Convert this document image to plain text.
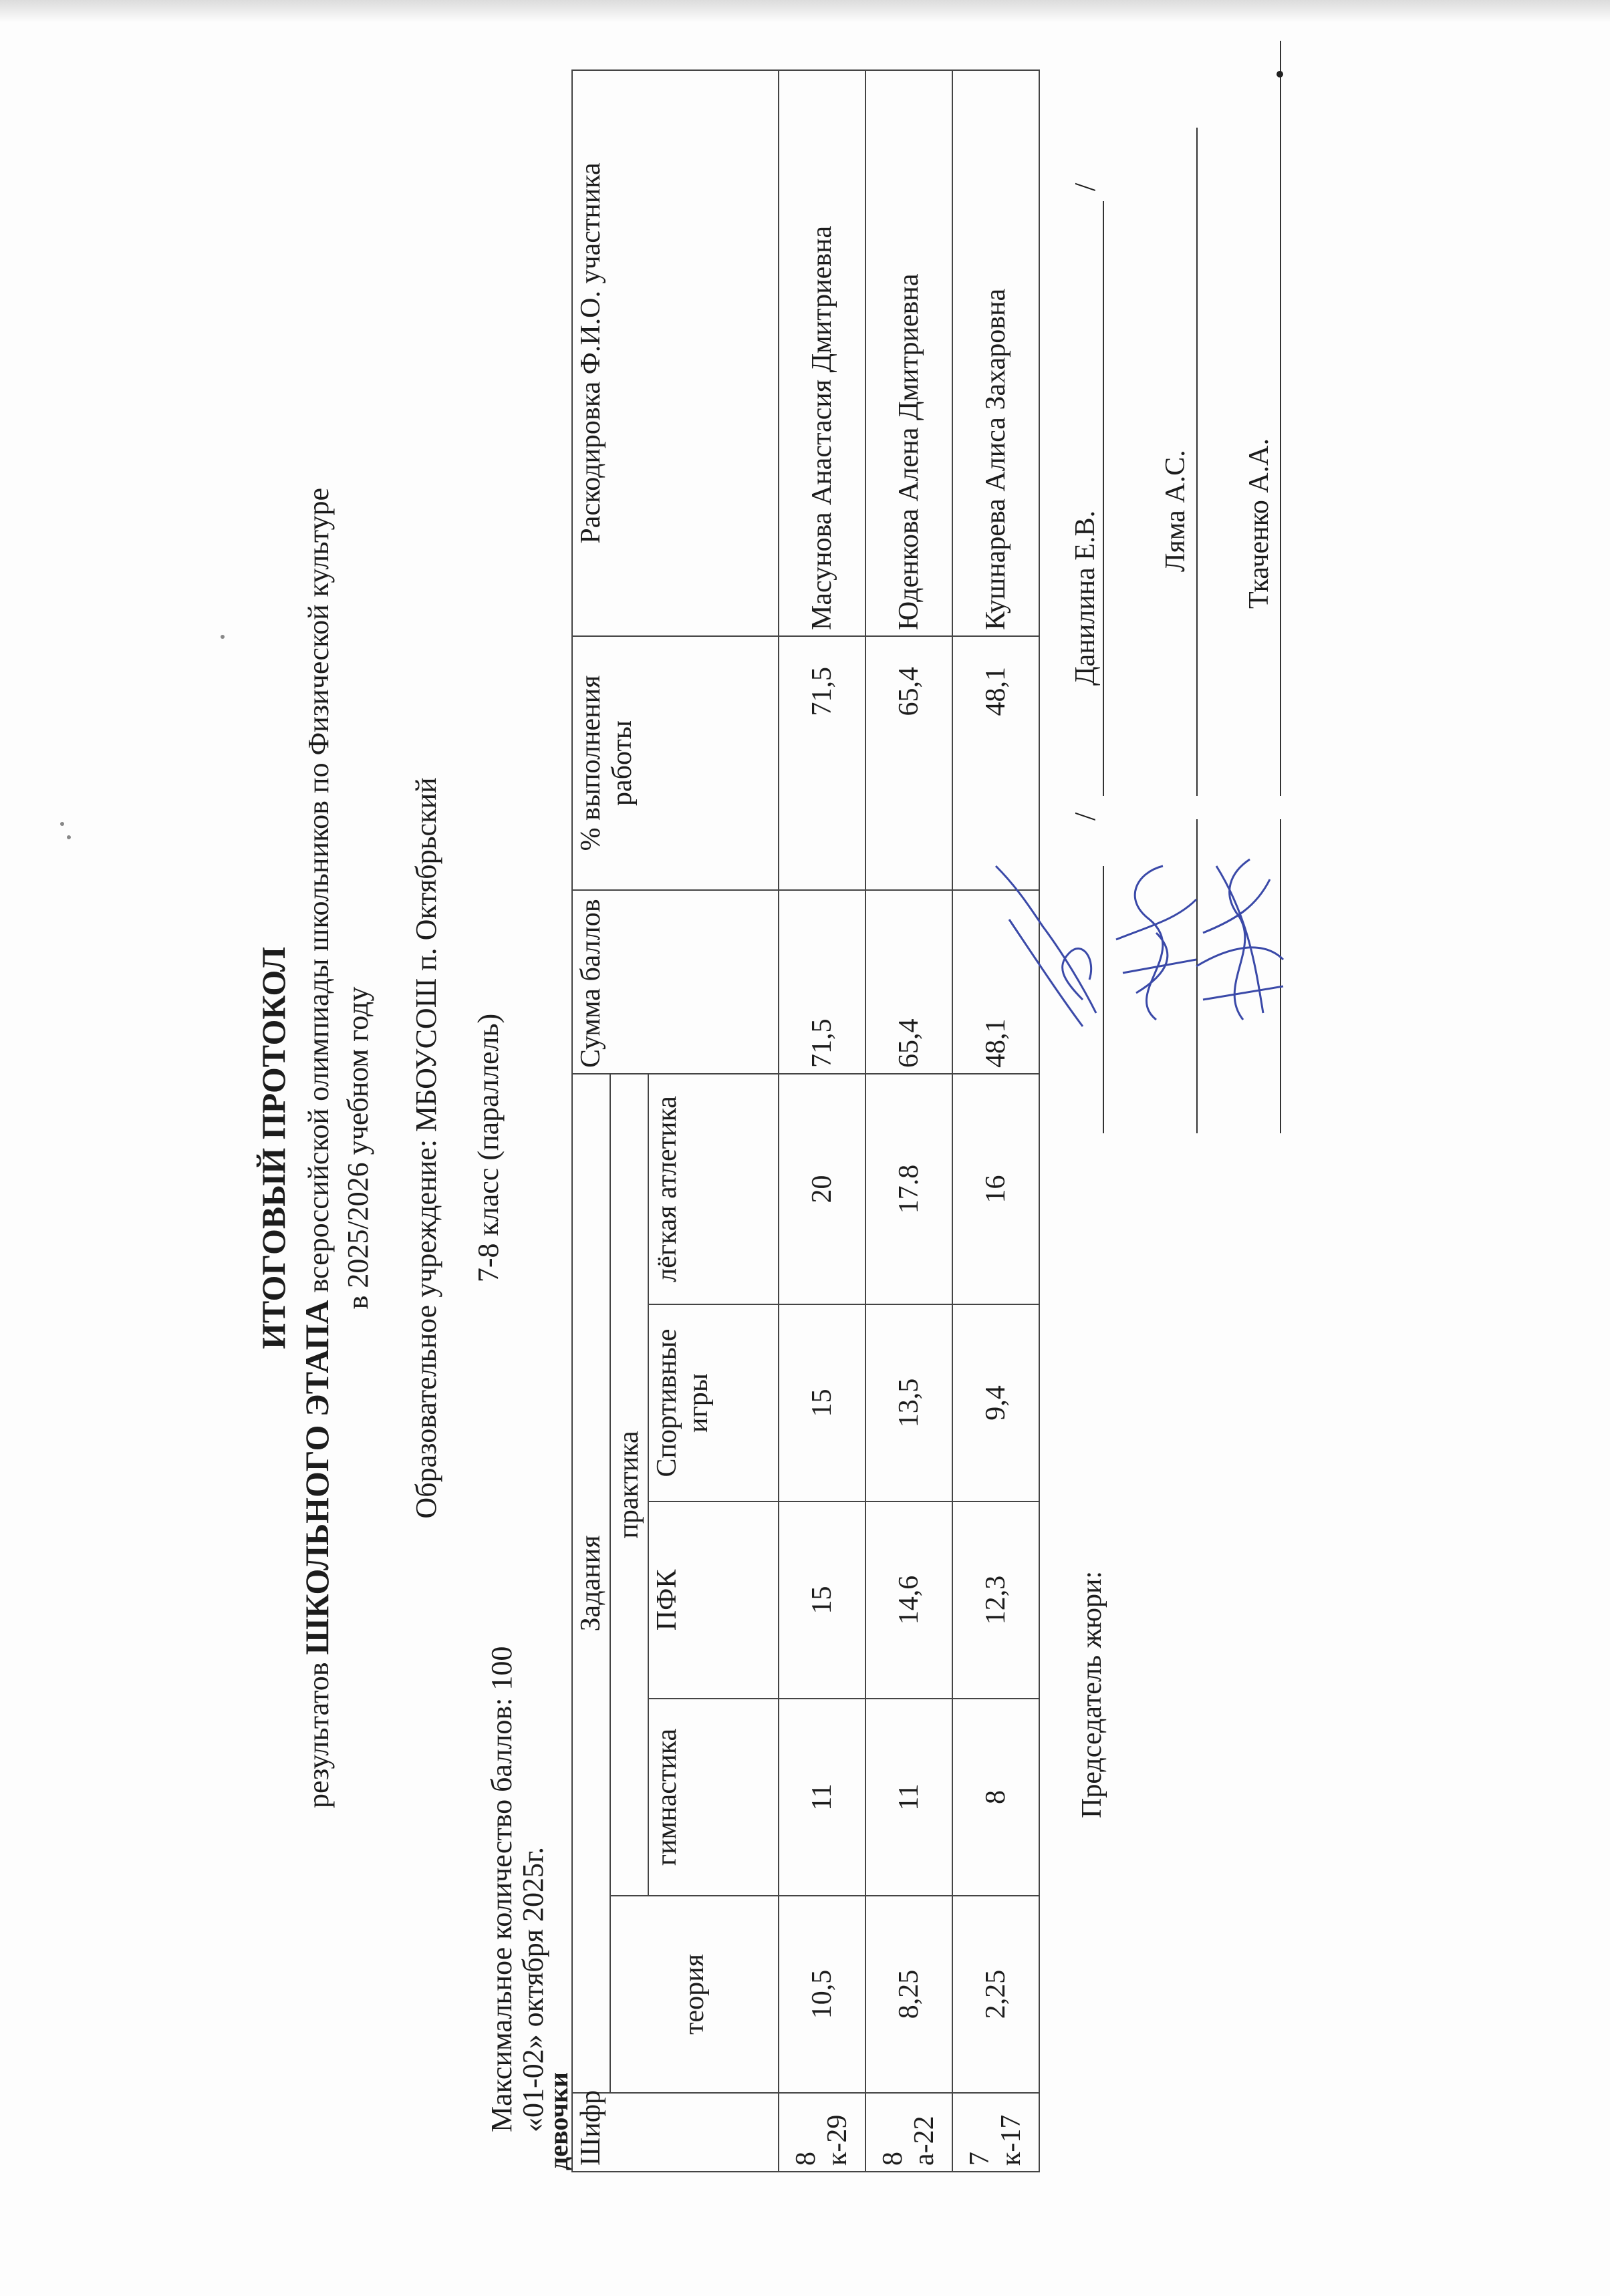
ИТОГОВЫЙ ПРОТОКОЛ
результатов ШКОЛЬНОГО ЭТАПА всероссийской олимпиады школьников по Физической культуре в 2025/2026 учебном году Образовательное учреждение: МБОУСОШ п. Октябрьский 7-8 класс (параллель)
Максимальное количество баллов: 100
«01-02» октября 2025г.
девочки Шифр	Задания					Сумма баллов	% выполнения работы	Раскодировка Ф.И.О. участника
	теория	практика						
		гимнастика	ПФК	Спортивные игры	лёгкая атлетика			
8 к-29	10,5	11	15	15	20	71,5	71,5	Масунова Анастасия Дмитриевна
8 а-22	8,25	11	14,6	13,5	17.8	65,4	65,4	Юденкова Алена Дмитриевна
7 к-17	2,25	8	12,3	9,4	16	48,1	48,1	Кушнарева Алиса Захаровна
Председатель жюри:
/
Данилина Е.В.
/
Ляма А.С. Ткаченко А.А.
